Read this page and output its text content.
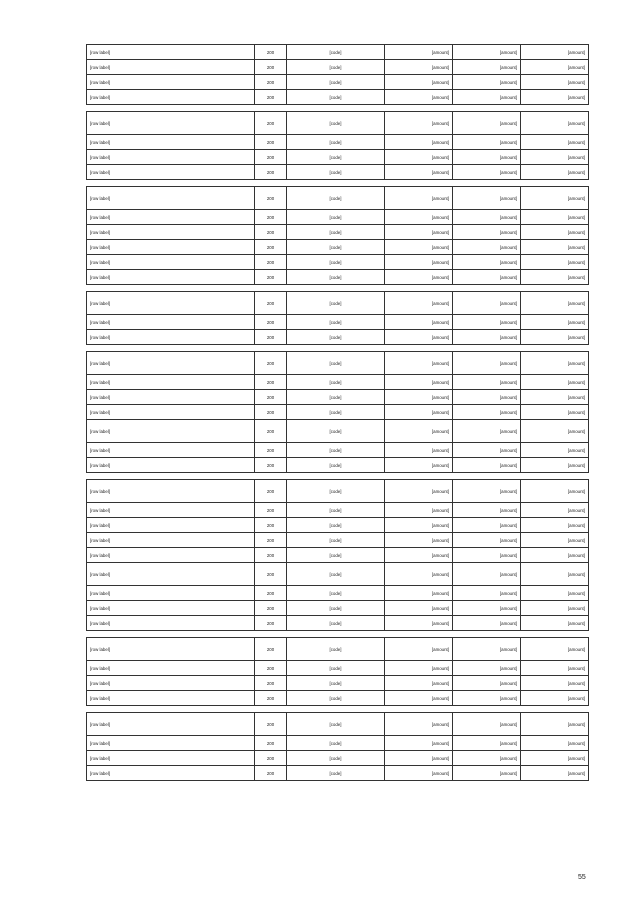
[row label]	200	[code]	[amount]	[amount]	[amount]
[row label]	200	[code]	[amount]	[amount]	[amount]
[row label]	200	[code]	[amount]	[amount]	[amount]
[row label]	200	[code]	[amount]	[amount]	[amount]

[row label]	200	[code]	[amount]	[amount]	[amount]
[row label]	200	[code]	[amount]	[amount]	[amount]
[row label]	200	[code]	[amount]	[amount]	[amount]
[row label]	200	[code]	[amount]	[amount]	[amount]

[row label]	200	[code]	[amount]	[amount]	[amount]
[row label]	200	[code]	[amount]	[amount]	[amount]
[row label]	200	[code]	[amount]	[amount]	[amount]
[row label]	200	[code]	[amount]	[amount]	[amount]
[row label]	200	[code]	[amount]	[amount]	[amount]
[row label]	200	[code]	[amount]	[amount]	[amount]

[row label]	200	[code]	[amount]	[amount]	[amount]
[row label]	200	[code]	[amount]	[amount]	[amount]
[row label]	200	[code]	[amount]	[amount]	[amount]

[row label]	200	[code]	[amount]	[amount]	[amount]
[row label]	200	[code]	[amount]	[amount]	[amount]
[row label]	200	[code]	[amount]	[amount]	[amount]
[row label]	200	[code]	[amount]	[amount]	[amount]
[row label]	200	[code]	[amount]	[amount]	[amount]
[row label]	200	[code]	[amount]	[amount]	[amount]
[row label]	200	[code]	[amount]	[amount]	[amount]

[row label]	200	[code]	[amount]	[amount]	[amount]
[row label]	200	[code]	[amount]	[amount]	[amount]
[row label]	200	[code]	[amount]	[amount]	[amount]
[row label]	200	[code]	[amount]	[amount]	[amount]
[row label]	200	[code]	[amount]	[amount]	[amount]
[row label]	200	[code]	[amount]	[amount]	[amount]
[row label]	200	[code]	[amount]	[amount]	[amount]
[row label]	200	[code]	[amount]	[amount]	[amount]
[row label]	200	[code]	[amount]	[amount]	[amount]

[row label]	200	[code]	[amount]	[amount]	[amount]
[row label]	200	[code]	[amount]	[amount]	[amount]
[row label]	200	[code]	[amount]	[amount]	[amount]
[row label]	200	[code]	[amount]	[amount]	[amount]

[row label]	200	[code]	[amount]	[amount]	[amount]
[row label]	200	[code]	[amount]	[amount]	[amount]
[row label]	200	[code]	[amount]	[amount]	[amount]
[row label]	200	[code]	[amount]	[amount]	[amount]
55
